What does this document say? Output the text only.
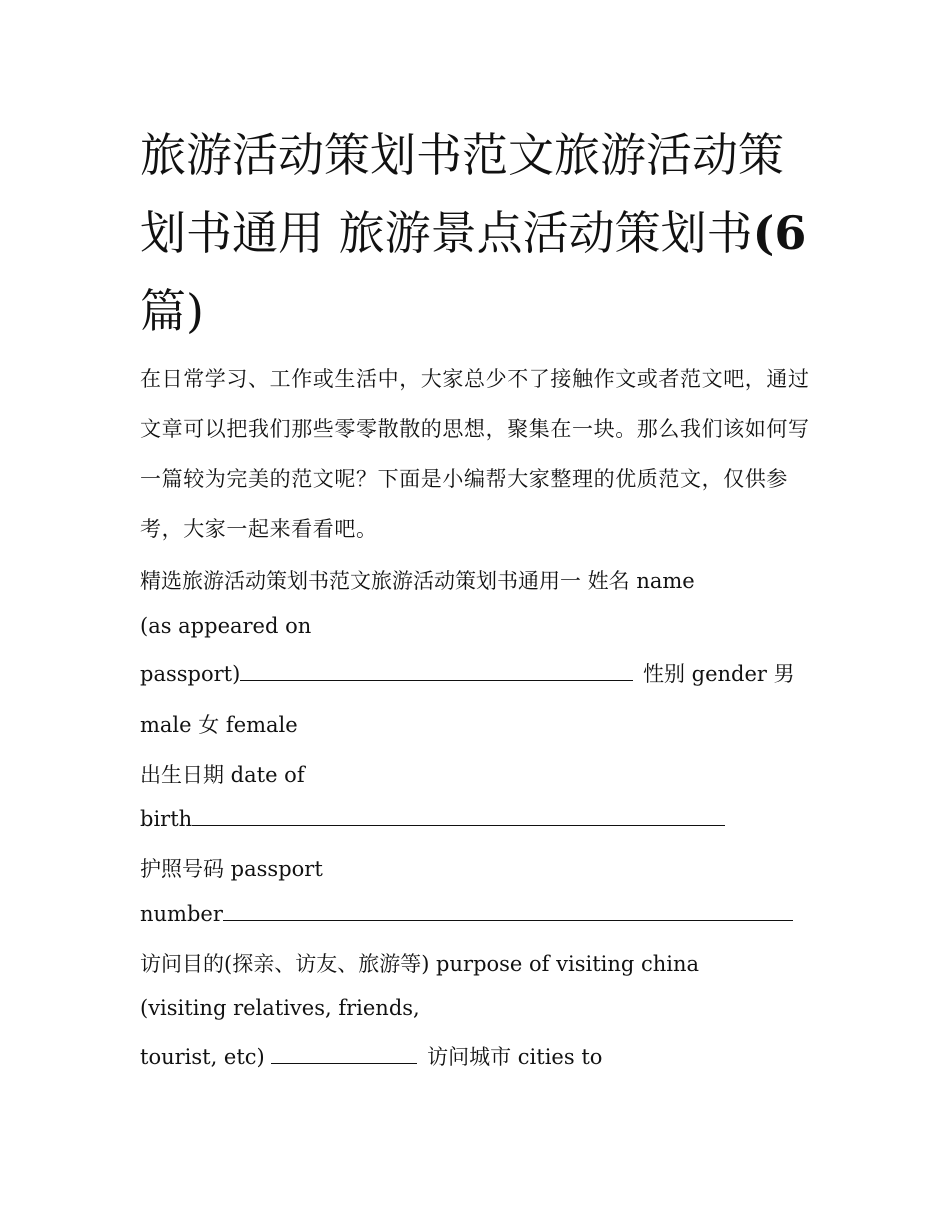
旅游活动策划书范文旅游活动策划书通用 旅游景点活动策划书(6篇)

在日常学习、工作或生活中，大家总少不了接触作文或者范文吧，通过文章可以把我们那些零零散散的思想，聚集在一块。那么我们该如何写一篇较为完美的范文呢？下面是小编帮大家整理的优质范文，仅供参考，大家一起来看看吧。

精选旅游活动策划书范文旅游活动策划书通用一 姓名 name

(as appeared on

passport)	性别 gender 男

male 女 female

出生日期 date of

birth

护照号码 passport

number

访问目的(探亲、访友、旅游等) purpose of visiting china

(visiting relatives, friends,

tourist, etc)	访问城市 cities to
